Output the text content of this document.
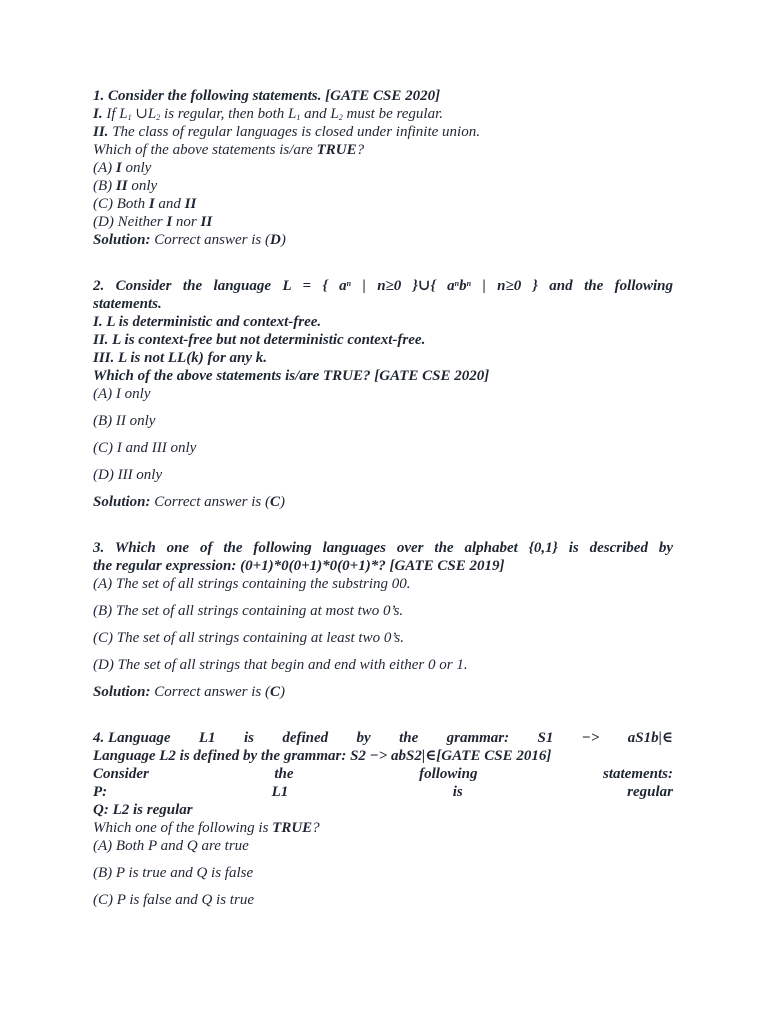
1. Consider the following statements. [GATE CSE 2020]
I. If $L_1$ $\cup L_2$ is regular, then both $L_1$ and $L_2$ must be regular.
II. The class of regular languages is closed under infinite union.
Which of the above statements is/are TRUE?
(A) I only
(B) II only
(C) Both I and II
(D) Neither I nor II
Solution: Correct answer is (D)
2. Consider the language L = { $a^n$ | n≥0 }∪{ $a^nb^n$ | n≥0 } and the following
statements.
I. L is deterministic and context-free.
II. L is context-free but not deterministic context-free.
III. L is not LL(k) for any k.
Which of the above statements is/are TRUE? [GATE CSE 2020]
(A) I only
(B) II only
(C) I and III only
(D) III only
Solution: Correct answer is (C)
3. Which one of the following languages over the alphabet {0,1} is described by
the regular expression: (0+1)*0(0+1)*0(0+1)*? [GATE CSE 2019]
(A) The set of all strings containing the substring 00.
(B) The set of all strings containing at most two 0’s.
(C) The set of all strings containing at least two 0’s.
(D) The set of all strings that begin and end with either 0 or 1.
Solution: Correct answer is (C)
4. Language L1 is defined by the grammar: S1 −> aS1b|∈
Language L2 is defined by the grammar: S2 −> abS2|∈[GATE CSE 2016]
Consider	the	following	statements:
P:	L1	is	regular
Q: L2 is regular
Which one of the following is TRUE?
(A) Both P and Q are true
(B) P is true and Q is false
(C) P is false and Q is true
